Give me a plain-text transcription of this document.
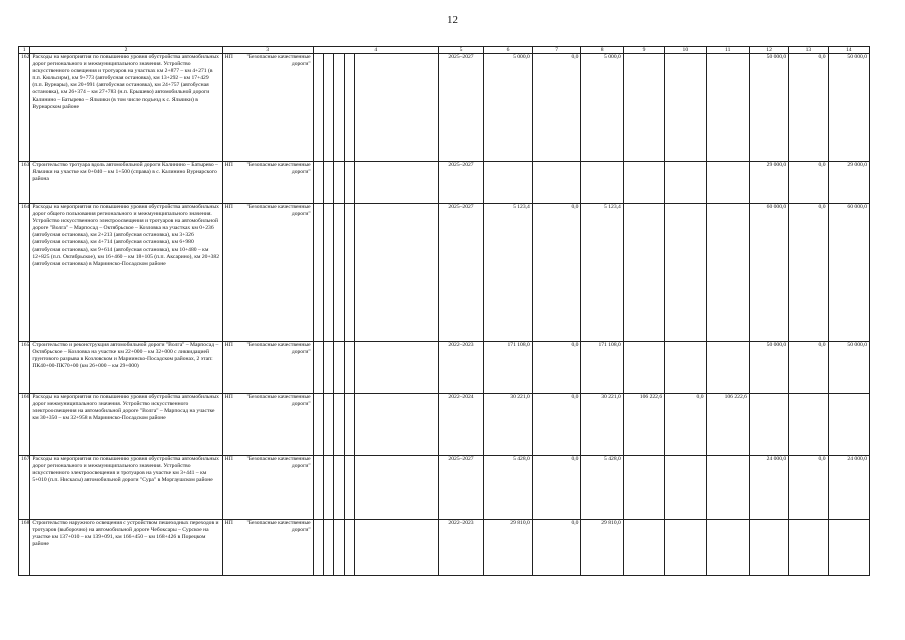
12
1	2	3	4					5	6	7	8	9	10	11	12	13	14
162	Расходы на мероприятия по повышению уровня обустройства автомобильных дорог регионального и межмуниципального значения. Устройство искусственного освещения и тротуаров на участках км 2+877 – км 4+271 (в п.п. Кюльсирм), км 9+773 (автобусная остановка), км 13+292 – км 17+429 (п.п. Вурнары), км 20+991 (автобусная остановка), км 24+757 (автобусная остановка), км 26+374 – км 27+783 (н.п. Ерышево) автомобильной дороги Калинино – Батырево – Яльчики (в том числе подъезд к с. Яльчики) в Вурнарском районе	НП "Безопасные качественные дороги"						2025–2027	5 000,0	0,0	5 000,0				50 000,0	0,0	50 000,0
163	Строительство тротуара вдоль автомобильной дороги Калинино – Батырево – Яльчики на участке км 0+040 – км 1+500 (справа) в с. Калинино Вурнарского района	НП "Безопасные качественные дороги"						2025–2027							29 000,0	0,0	29 000,0
164	Расходы на мероприятия по повышению уровня обустройства автомобильных дорог общего пользования регионального и межмуниципального значения. Устройство искусственного электроосвещения и тротуаров на автомобильной дороге "Волга" – Марпосад – Октябрьское – Козловка на участках км 0+236 (автобусная остановка), км 2+213 (автобусная остановка), км 3+326 (автобусная остановка), км 4+714 (автобусная остановка), км 6+980 (автобусная остановка), км 9+614 (автобусная остановка), км 10+480 – км 12+825 (п.п. Октябрьское), км 16+460 – км 18+105 (п.п. Аксарино), км 20+382 (автобусная остановка) в Мариинско-Посадском районе	НП "Безопасные качественные дороги"						2025–2027	5 123,4	0,0	5 123,4				60 000,0	0,0	60 000,0
165	Строительство и реконструкция автомобильной дороги "Волга" – Марпосад – Октябрьское – Козловка на участке км 22+000 – км 32+000 с ликвидацией грунтового разрыва в Козловском и Мариинско-Посадском районах, 2 этап: ПК40+00-ПК70+00 (км 26+000 – км 29+000)	НП "Безопасные качественные дороги"						2022–2023	171 108,0	0,0	171 108,0				50 000,0	0,0	50 000,0
166	Расходы на мероприятия по повышению уровня обустройства автомобильных дорог межмуниципального значения. Устройство искусственного электроосвещения на автомобильной дороге "Волга" – Марпосад на участке км 30+350 – км 32+958 в Мариинско-Посадском районе	НП "Безопасные качественные дороги"						2022–2024	30 221,0	0,0	30 221,0	106 222,6	0,0	106 222,6			
167	Расходы на мероприятия по повышению уровня обустройства автомобильных дорог регионального и межмуниципального значения. Устройство искусственного электроосвещения и тротуаров на участке км 3+441 – км 5+010 (п.п. Нискасы) автомобильной дороги "Сура" в Моргаушском районе	НП "Безопасные качественные дороги"						2025–2027	5 428,0	0,0	5 428,0				24 000,0	0,0	24 000,0
168	Строительство наружного освещения с устройством пешеходных переходов и тротуаров (выборочно) на автомобильной дороге Чебоксары – Сурское на участке км 137+010 – км 139+091, км 166+450 – км 168+426 в Порецком районе	НП "Безопасные качественные дороги"						2022–2023	29 810,0	0,0	29 810,0						
